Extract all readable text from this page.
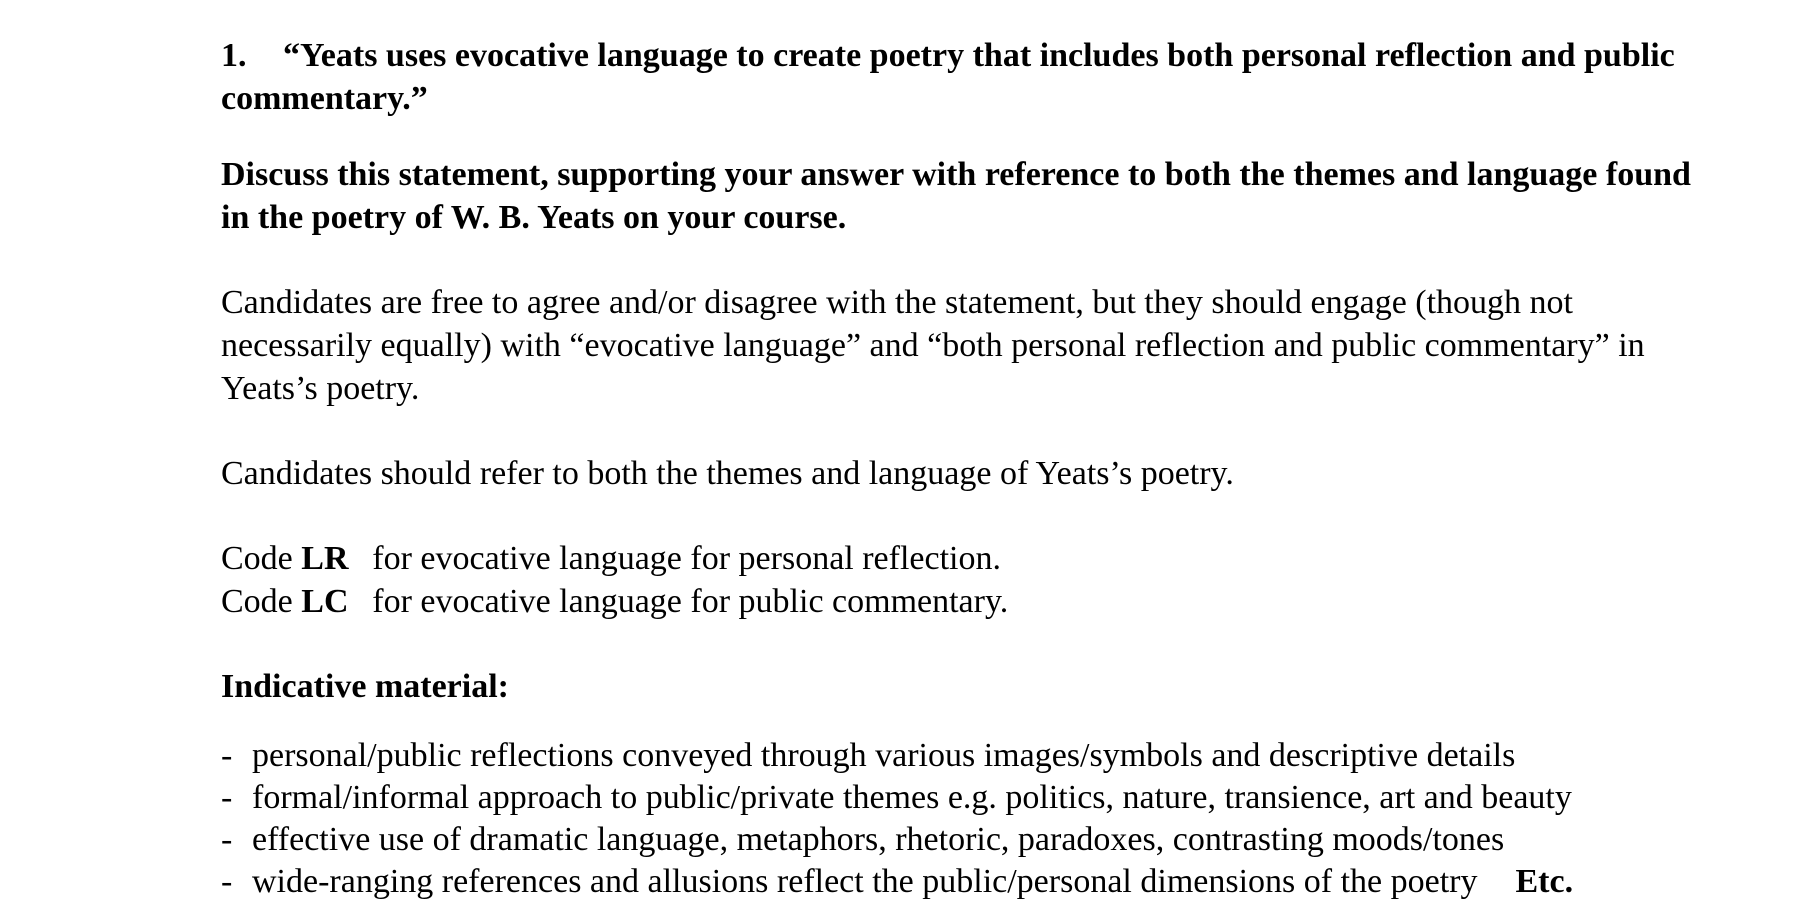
1. “Yeats uses evocative language to create poetry that includes both personal reflection and public commentary.”

Discuss this statement, supporting your answer with reference to both the themes and language found in the poetry of W. B. Yeats on your course.

Candidates are free to agree and/or disagree with the statement, but they should engage (though not necessarily equally) with “evocative language” and “both personal reflection and public commentary” in Yeats’s poetry.

Candidates should refer to both the themes and language of Yeats’s poetry.

Code LR for evocative language for personal reflection.
Code LC for evocative language for public commentary.

Indicative material:

- personal/public reflections conveyed through various images/symbols and descriptive details
- formal/informal approach to public/private themes e.g. politics, nature, transience, art and beauty
- effective use of dramatic language, metaphors, rhetoric, paradoxes, contrasting moods/tones
- wide-ranging references and allusions reflect the public/personal dimensions of the poetry Etc.
